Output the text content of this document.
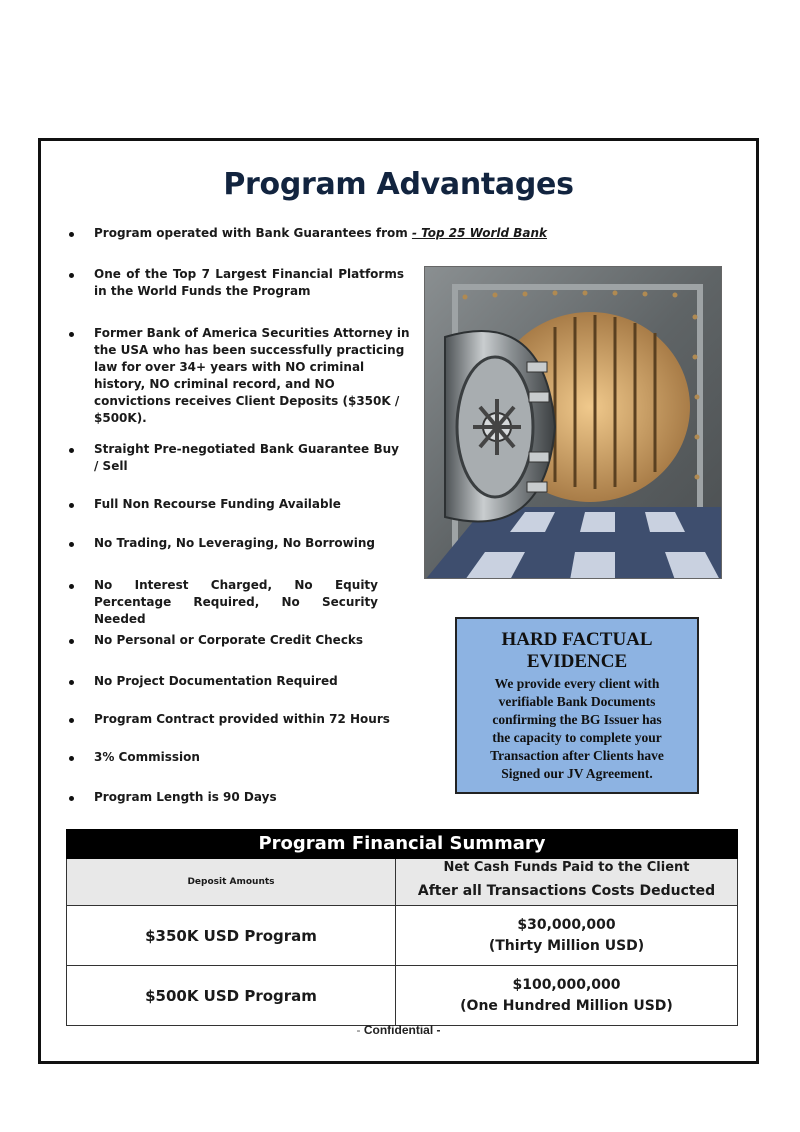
Program Advantages
Program operated with Bank Guarantees from - Top 25 World Bank
One of the Top 7 Largest Financial Platforms in the World Funds the Program
Former Bank of America Securities Attorney in the USA who has been successfully practicing law for over 34+ years with NO criminal history, NO criminal record, and NO convictions receives Client Deposits ($350K / $500K).
Straight Pre-negotiated Bank Guarantee Buy / Sell
Full Non Recourse Funding Available
No Trading, No Leveraging, No Borrowing
No Interest Charged, No Equity Percentage Required, No Security Needed
No Personal or Corporate Credit Checks
No Project Documentation Required
Program Contract provided within 72 Hours
3% Commission
Program Length is 90 Days
HARD FACTUAL
EVIDENCE
We provide every client with
verifiable Bank Documents
confirming the BG Issuer has
the capacity to complete your
Transaction after Clients have
Signed our JV Agreement.
Program Financial Summary
Deposit Amounts
Net Cash Funds Paid to the Client
After all Transactions Costs Deducted
$350K USD Program
$30,000,000
(Thirty Million USD)
$500K USD Program
$100,000,000
(One Hundred Million USD)
- Confidential -
